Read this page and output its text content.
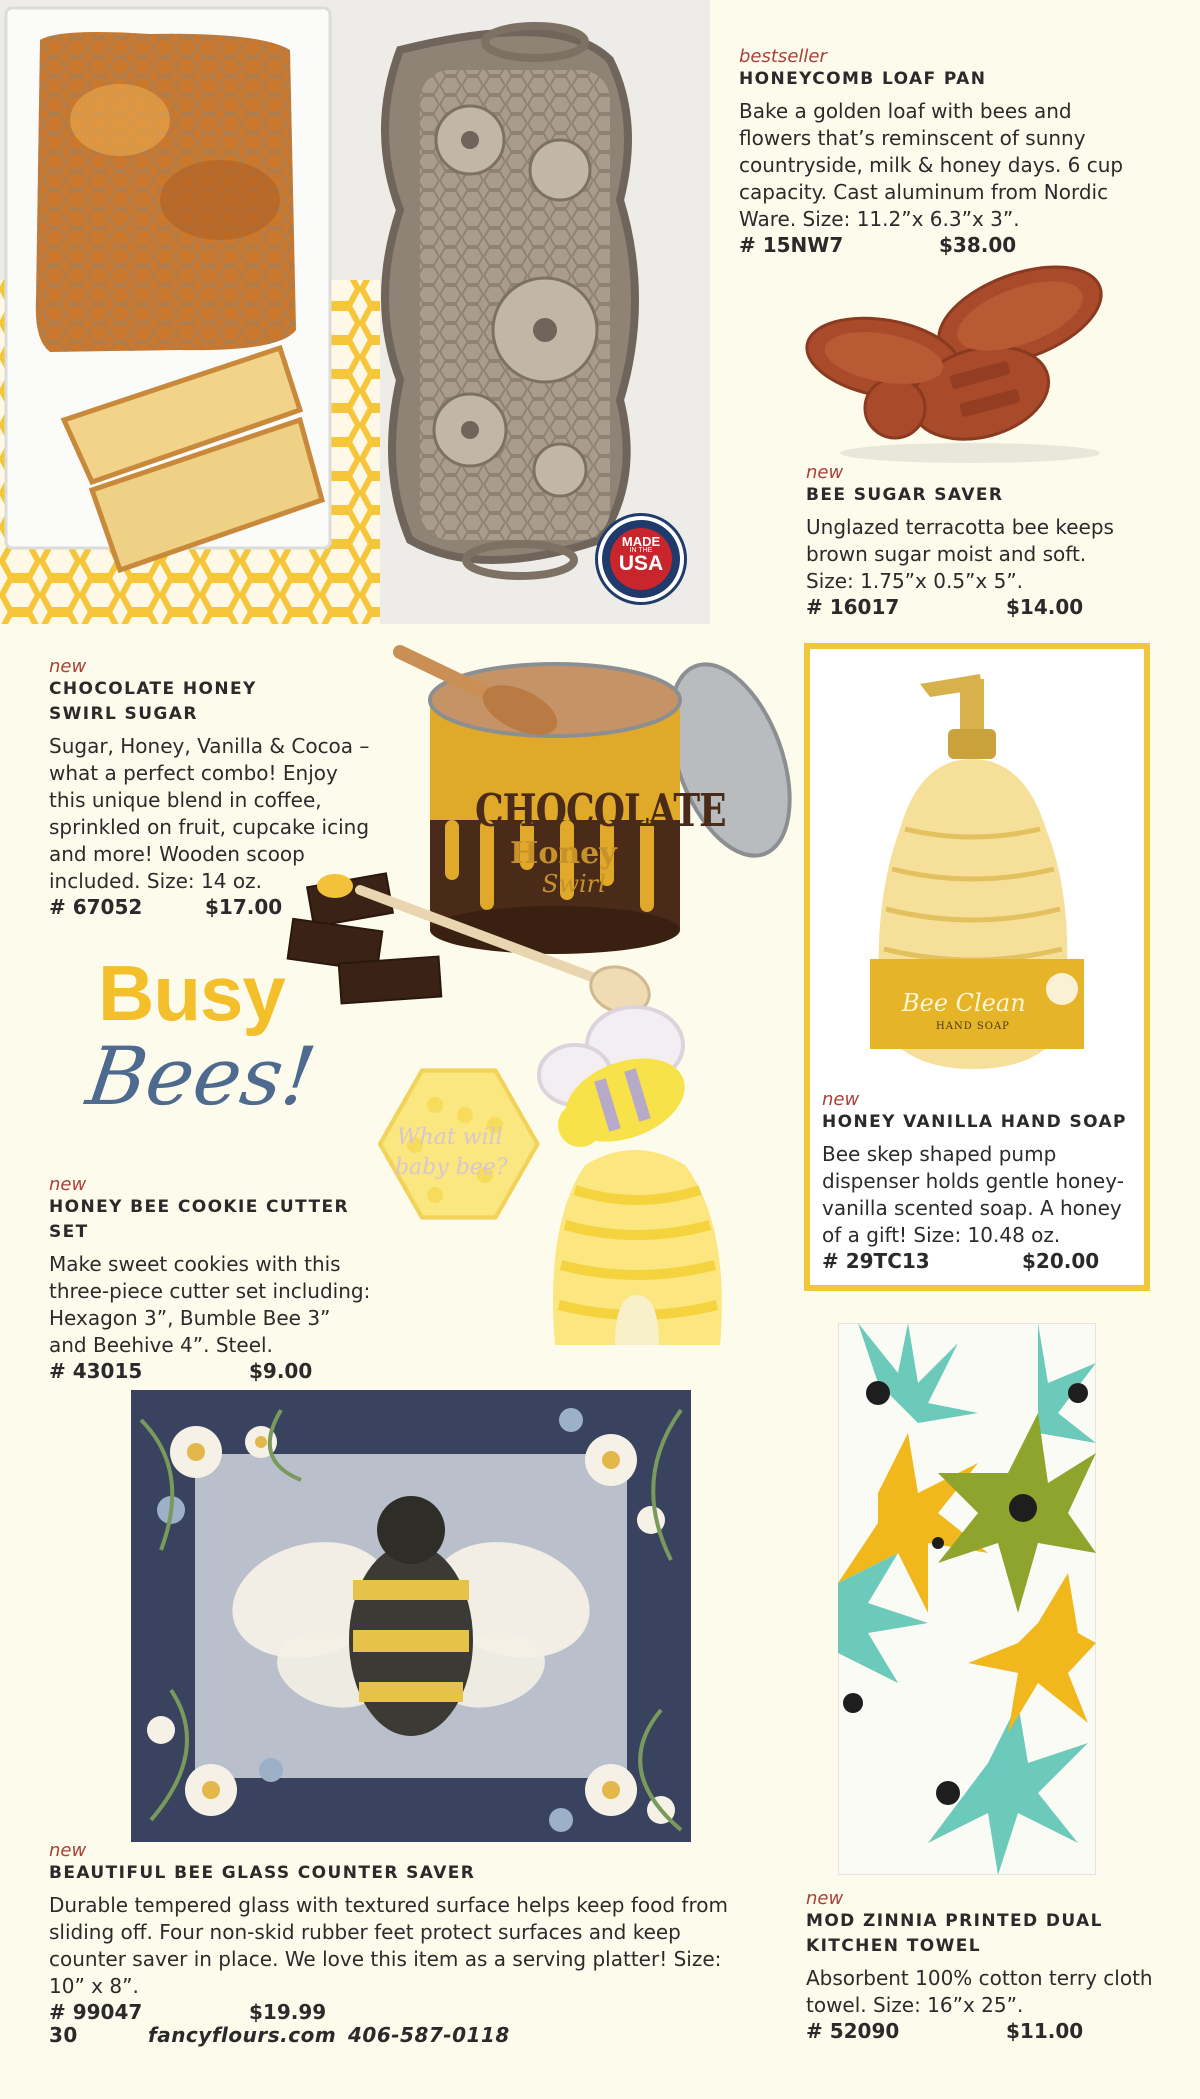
MADE
IN THE
USA
bestseller
HONEYCOMB LOAF PAN
Bake a golden loaf with bees and flowers that’s reminscent of sunny countryside, milk & honey days. 6 cup capacity. Cast aluminum from Nordic Ware. Size: 11.2”x 6.3”x 3”.
# 15NW7	$38.00
new
BEE SUGAR SAVER
Unglazed terracotta bee keeps brown sugar moist and soft. Size: 1.75”x 0.5”x 5”.
# 16017	$14.00
new
CHOCOLATE HONEY
SWIRL SUGAR
Sugar, Honey, Vanilla & Cocoa – what a perfect combo! Enjoy this unique blend in coffee, sprinkled on fruit, cupcake icing and more! Wooden scoop included. Size: 14 oz.
# 67052	$17.00
CHOCOLATE
Honey
Swirl
Busy
Bees!
Bee Clean
HAND SOAP
new
HONEY VANILLA HAND SOAP
Bee skep shaped pump dispenser holds gentle honey-vanilla scented soap. A honey of a gift! Size: 10.48 oz.
# 29TC13	$20.00
What will
baby bee?
new
HONEY BEE COOKIE CUTTER SET
Make sweet cookies with this three-piece cutter set including: Hexagon 3”, Bumble Bee 3” and Beehive 4”. Steel.
# 43015	$9.00
new
BEAUTIFUL BEE GLASS COUNTER SAVER
Durable tempered glass with textured surface helps keep food from sliding off. Four non-skid rubber feet protect surfaces and keep counter saver in place. We love this item as a serving platter! Size: 10” x 8”.
# 99047	$19.99
new
MOD ZINNIA PRINTED DUAL
KITCHEN TOWEL
Absorbent 100% cotton terry cloth towel. Size: 16”x 25”.
# 52090	$11.00
30	fancyflours.com 406-587-0118
